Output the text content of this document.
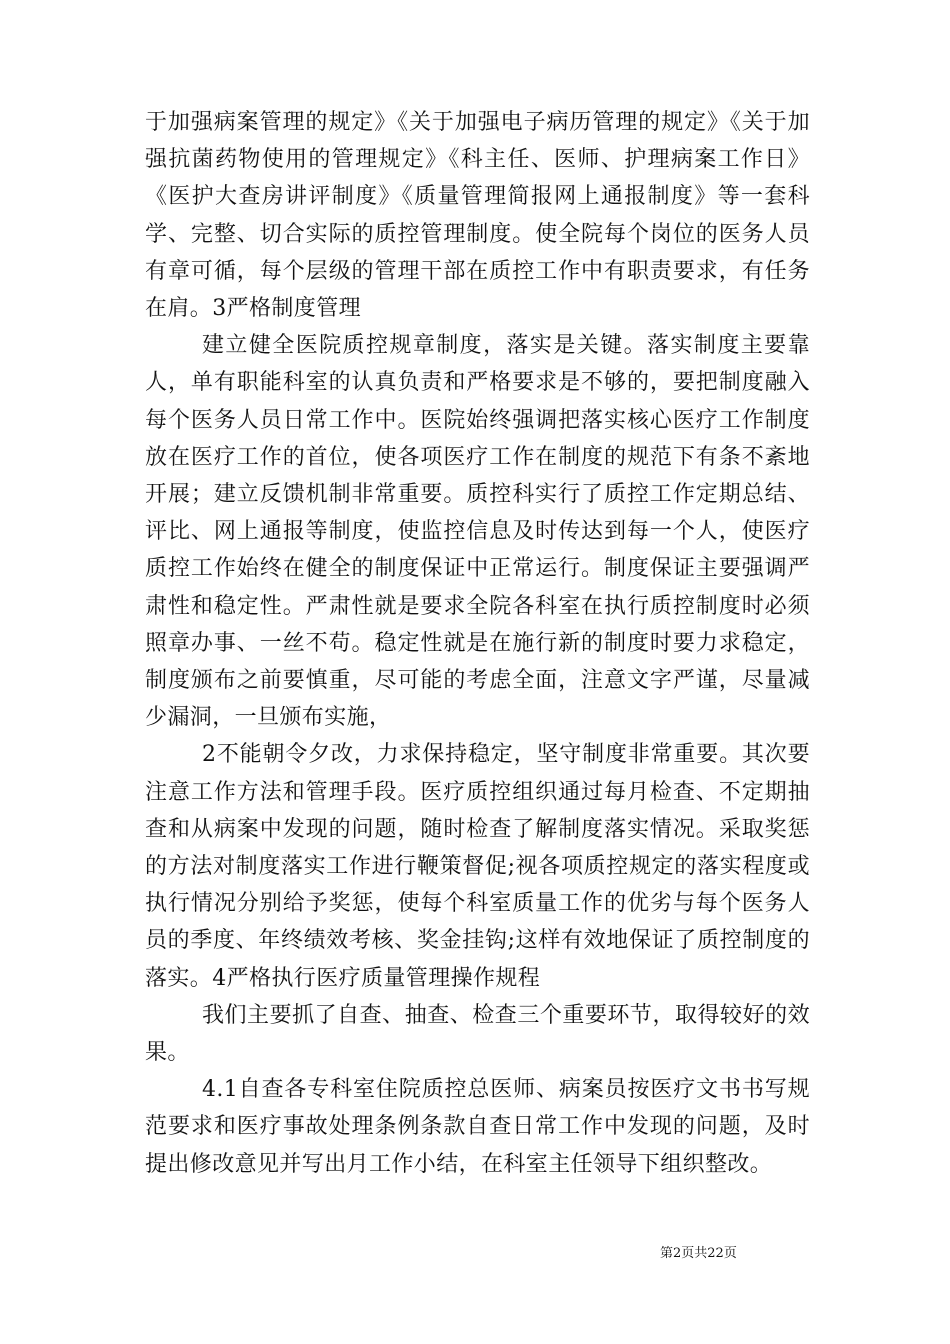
于加强病案管理的规定》《关于加强电子病历管理的规定》《关于加强抗菌药物使用的管理规定》《科主任、医师、护理病案工作日》《医护大查房讲评制度》《质量管理简报网上通报制度》等一套科学、完整、切合实际的质控管理制度。使全院每个岗位的医务人员有章可循，每个层级的管理干部在质控工作中有职责要求，有任务在肩。3严格制度管理

建立健全医院质控规章制度，落实是关键。落实制度主要靠人，单有职能科室的认真负责和严格要求是不够的，要把制度融入每个医务人员日常工作中。医院始终强调把落实核心医疗工作制度放在医疗工作的首位，使各项医疗工作在制度的规范下有条不紊地开展；建立反馈机制非常重要。质控科实行了质控工作定期总结、评比、网上通报等制度，使监控信息及时传达到每一个人，使医疗质控工作始终在健全的制度保证中正常运行。制度保证主要强调严肃性和稳定性。严肃性就是要求全院各科室在执行质控制度时必须照章办事、一丝不苟。稳定性就是在施行新的制度时要力求稳定，制度颁布之前要慎重，尽可能的考虑全面，注意文字严谨，尽量减少漏洞，一旦颁布实施，

2不能朝令夕改，力求保持稳定，坚守制度非常重要。其次要注意工作方法和管理手段。医疗质控组织通过每月检查、不定期抽查和从病案中发现的问题，随时检查了解制度落实情况。采取奖惩的方法对制度落实工作进行鞭策督促;视各项质控规定的落实程度或执行情况分别给予奖惩，使每个科室质量工作的优劣与每个医务人员的季度、年终绩效考核、奖金挂钩;这样有效地保证了质控制度的落实。4严格执行医疗质量管理操作规程

我们主要抓了自查、抽查、检查三个重要环节，取得较好的效果。

4.1自查各专科室住院质控总医师、病案员按医疗文书书写规范要求和医疗事故处理条例条款自查日常工作中发现的问题，及时提出修改意见并写出月工作小结，在科室主任领导下组织整改。

第2页共22页
